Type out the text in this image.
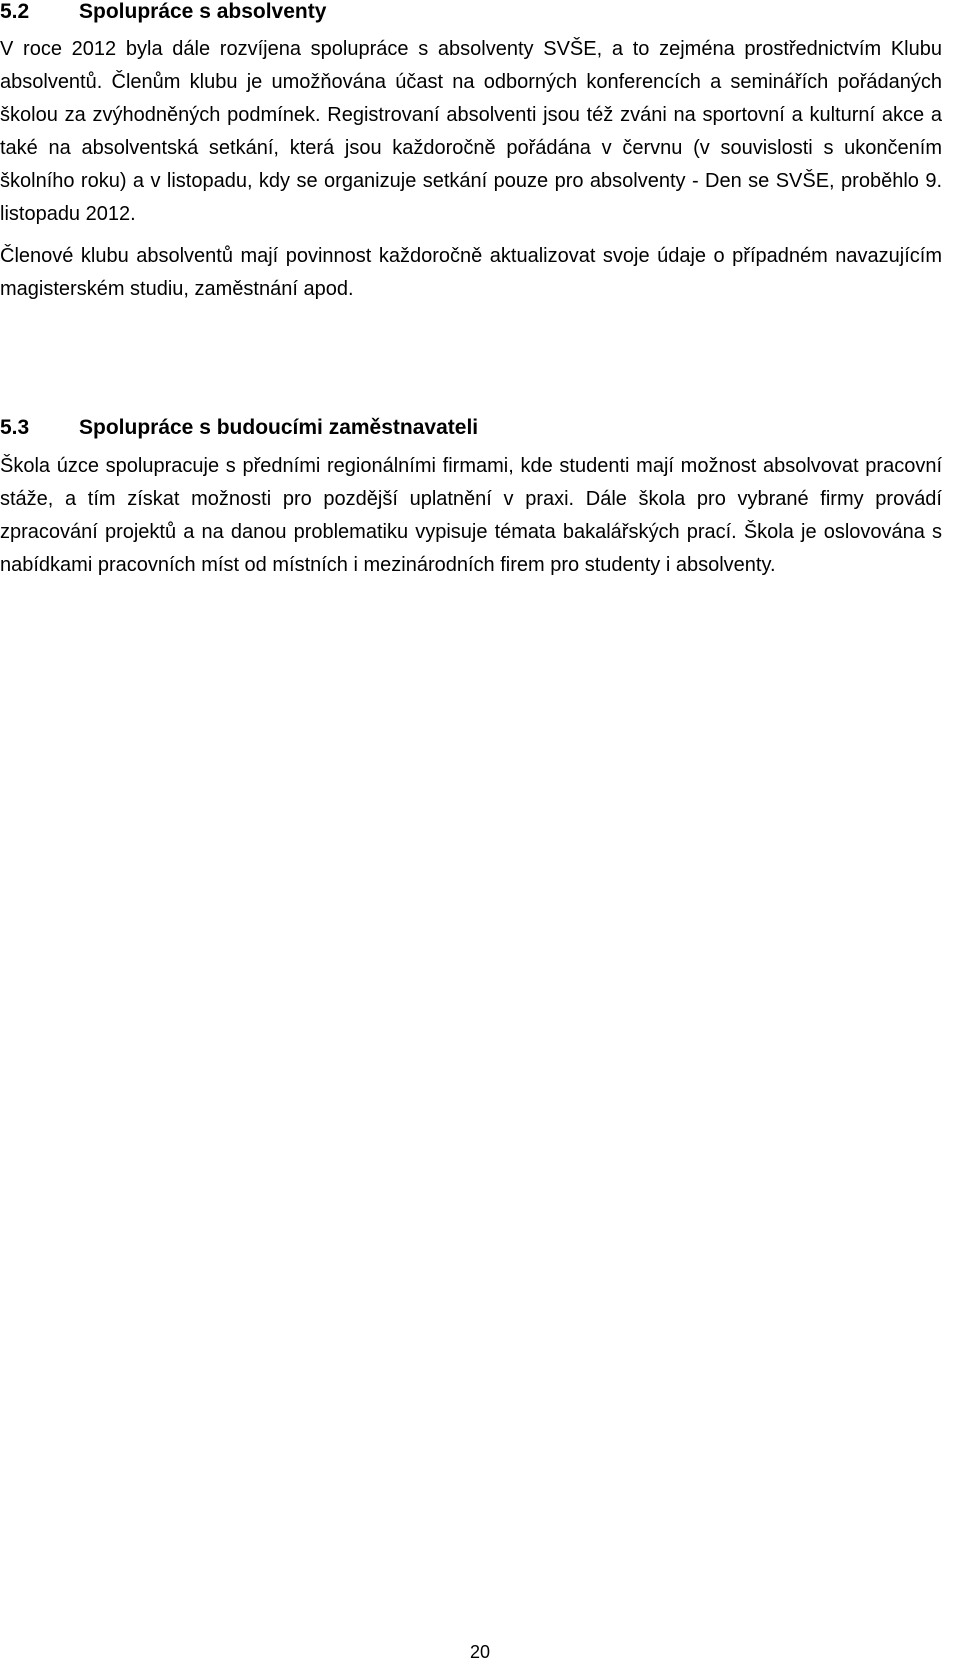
5.2 Spolupráce s absolventy

V roce 2012 byla dále rozvíjena spolupráce s absolventy SVŠE, a to zejména prostřednictvím Klubu absolventů. Členům klubu je umožňována účast na odborných konferencích a seminářích pořádaných školou za zvýhodněných podmínek. Registrovaní absolventi jsou též zváni na sportovní a kulturní akce a také na absolventská setkání, která jsou každoročně pořádána v červnu (v souvislosti s ukončením školního roku) a v listopadu, kdy se organizuje setkání pouze pro absolventy - Den se SVŠE, proběhlo 9. listopadu 2012.

Členové klubu absolventů mají povinnost každoročně aktualizovat svoje údaje o případném navazujícím magisterském studiu, zaměstnání apod.

5.3 Spolupráce s budoucími zaměstnavateli

Škola úzce spolupracuje s předními regionálními firmami, kde studenti mají možnost absolvovat pracovní stáže, a tím získat možnosti pro pozdější uplatnění v praxi. Dále škola pro vybrané firmy provádí zpracování projektů a na danou problematiku vypisuje témata bakalářských prací. Škola je oslovována s nabídkami pracovních míst od místních i mezinárodních firem pro studenty i absolventy.

20
